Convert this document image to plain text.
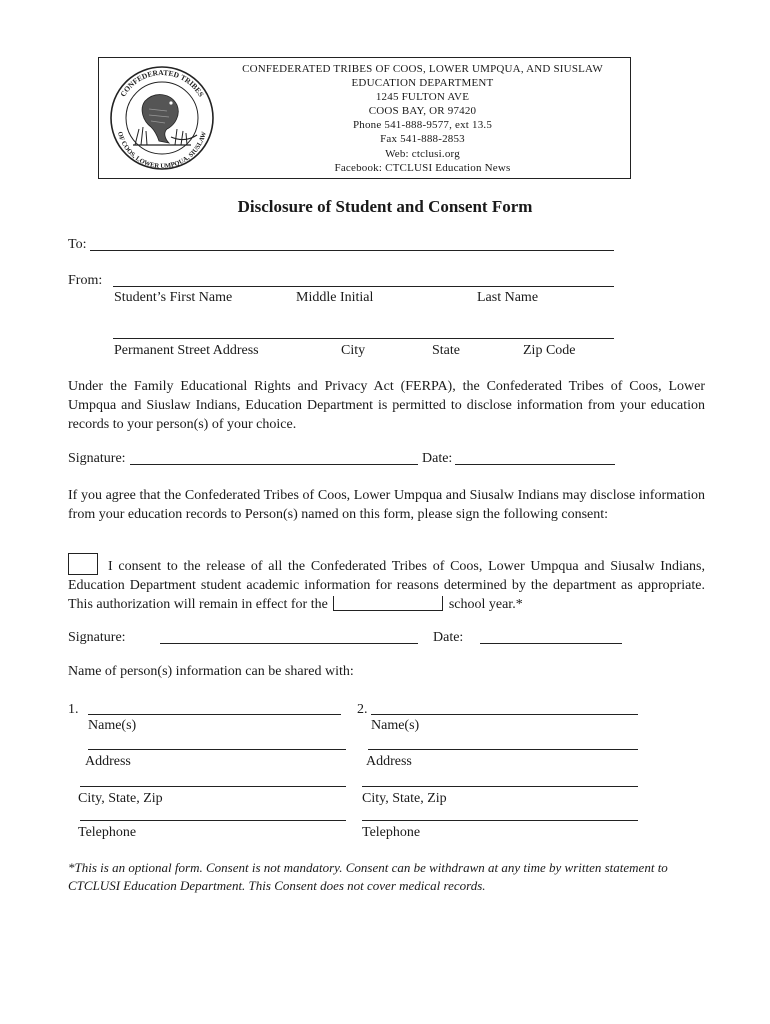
CONFEDERATED TRIBES
OF COOS, LOWER UMPQUA, SIUSLAW
CONFEDERATED TRIBES OF COOS, LOWER UMPQUA, AND SIUSLAW
EDUCATION DEPARTMENT
1245 FULTON AVE
COOS BAY, OR 97420
Phone 541-888-9577, ext 13.5
Fax 541-888-2853
Web: ctclusi.org
Facebook: CTCLUSI Education News
Disclosure of Student and Consent Form
To:
From:
Student’s First Name	Middle Initial	Last Name
Permanent Street Address	City	State	Zip Code
Under the Family Educational Rights and Privacy Act (FERPA), the Confederated Tribes of Coos, Lower Umpqua and Siuslaw Indians, Education Department is permitted to disclose information from your education records to your person(s) of your choice.
Signature:	Date:
If you agree that the Confederated Tribes of Coos, Lower Umpqua and Siusalw Indians may disclose information from your education records to Person(s) named on this form, please sign the following consent:
I consent to the release of all the Confederated Tribes of Coos, Lower Umpqua and Siusalw Indians, Education Department student academic information for reasons determined by the department as appropriate. This authorization will remain in effect for the	school year.*
Signature:	Date:
Name of person(s) information can be shared with:
1.
Name(s)
Address
City, State, Zip
Telephone
2.
Name(s)
Address
City, State, Zip
Telephone
*This is an optional form. Consent is not mandatory. Consent can be withdrawn at any time by written statement to CTCLUSI Education Department. This Consent does not cover medical records.
